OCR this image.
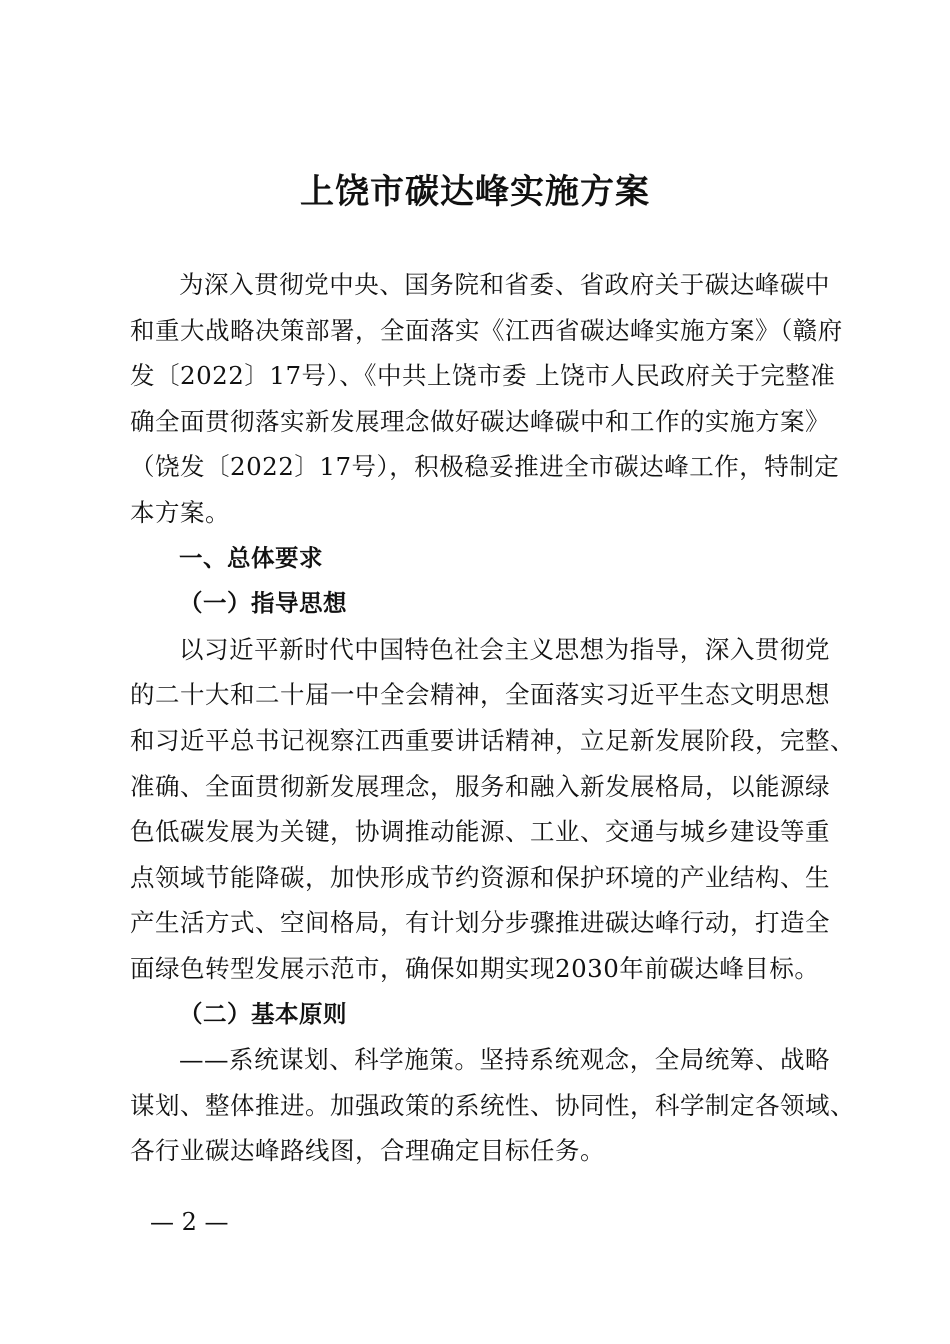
上饶市碳达峰实施方案
为深入贯彻党中央、国务院和省委、省政府关于碳达峰碳中
和重大战略决策部署，全面落实《江西省碳达峰实施方案》（赣府
发〔2022〕17号）、《中共上饶市委 上饶市人民政府关于完整准
确全面贯彻落实新发展理念做好碳达峰碳中和工作的实施方案》
（饶发〔2022〕17号），积极稳妥推进全市碳达峰工作，特制定
本方案。
一、总体要求
（一）指导思想
以习近平新时代中国特色社会主义思想为指导，深入贯彻党
的二十大和二十届一中全会精神，全面落实习近平生态文明思想
和习近平总书记视察江西重要讲话精神，立足新发展阶段，完整、
准确、全面贯彻新发展理念，服务和融入新发展格局，以能源绿
色低碳发展为关键，协调推动能源、工业、交通与城乡建设等重
点领域节能降碳，加快形成节约资源和保护环境的产业结构、生
产生活方式、空间格局，有计划分步骤推进碳达峰行动，打造全
面绿色转型发展示范市，确保如期实现2030年前碳达峰目标。
（二）基本原则
——系统谋划、科学施策。坚持系统观念，全局统筹、战略
谋划、整体推进。加强政策的系统性、协同性，科学制定各领域、
各行业碳达峰路线图，合理确定目标任务。
— 2 —
